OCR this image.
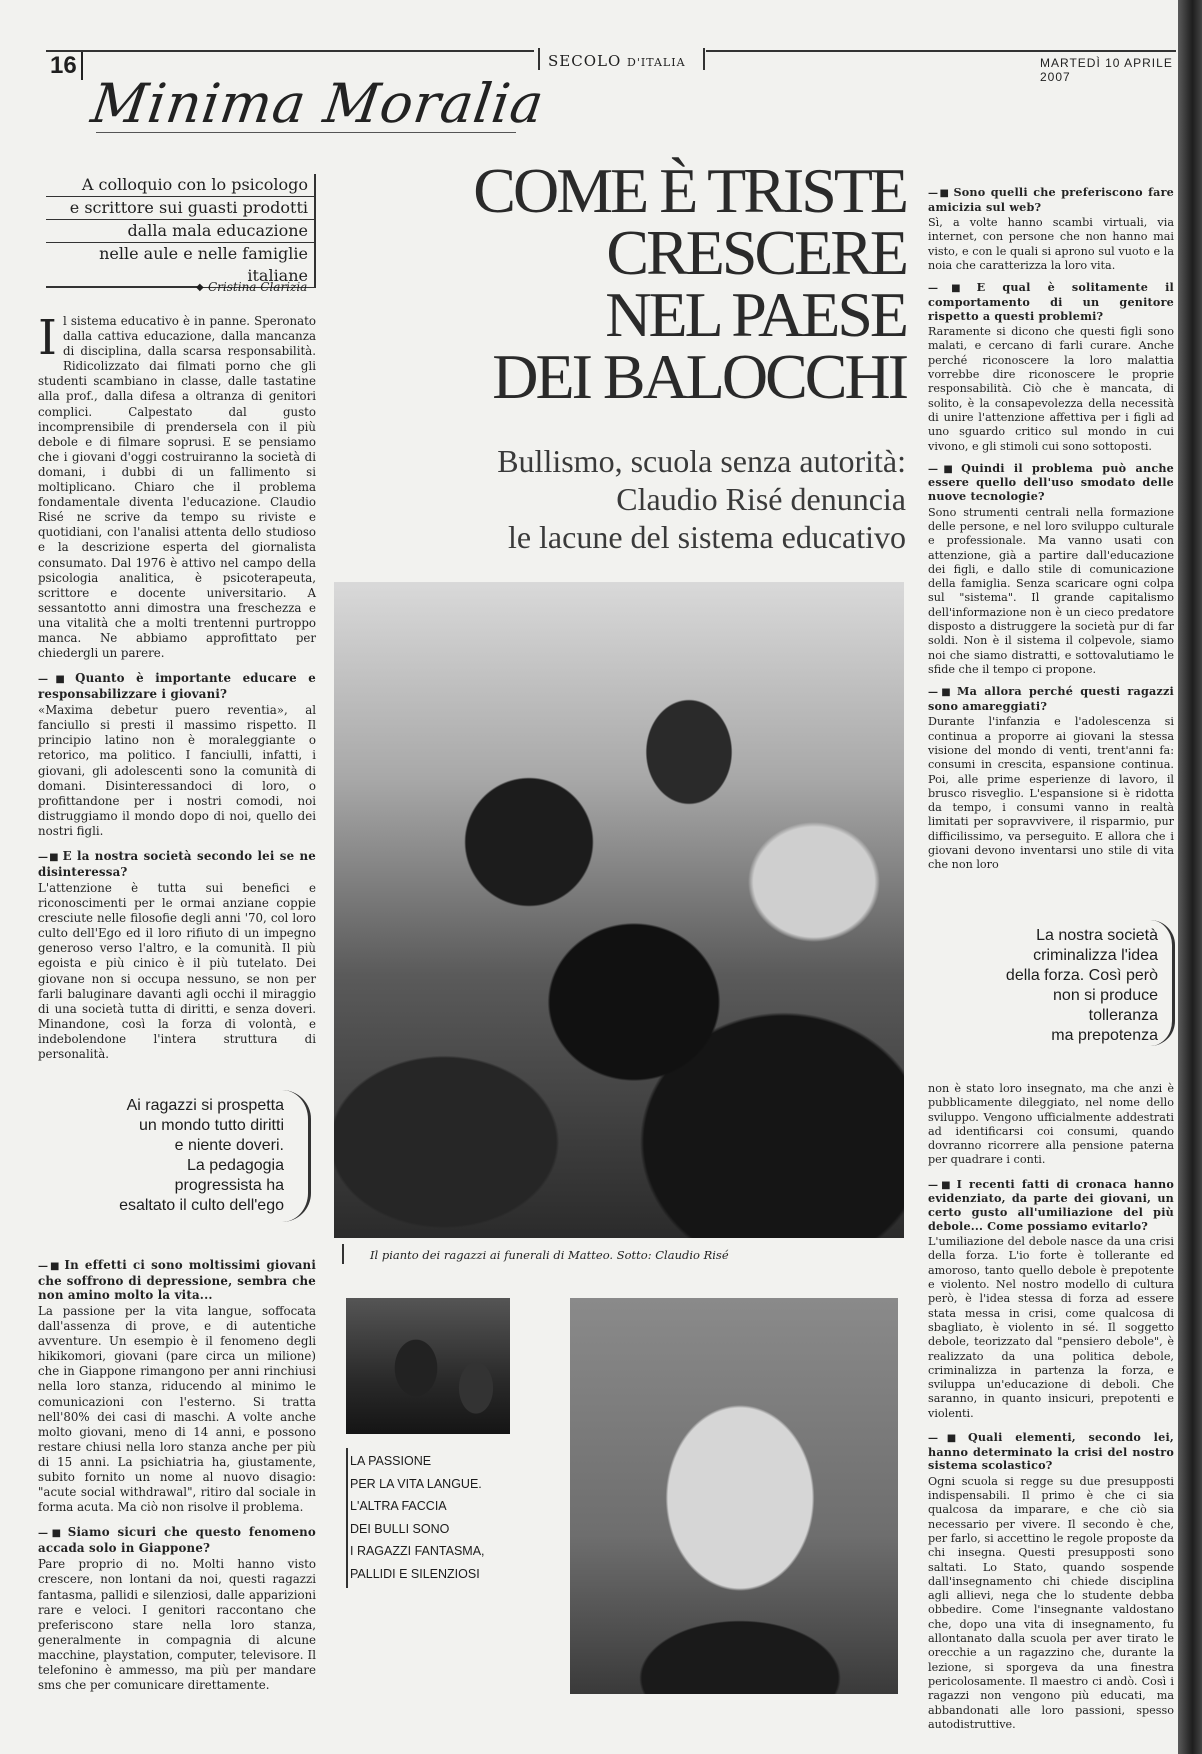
16	SECOLO D'ITALIA	MARTEDÌ 10 APRILE 2007
Minima Moralia
A colloquio con lo psicologo
e scrittore sui guasti prodotti
dalla mala educazione
nelle aule e nelle famiglie italiane
◆ Cristina Clarizia

Il sistema educativo è in panne. Speronato dalla cattiva educazione, dalla mancanza di disciplina, dalla scarsa responsabilità. Ridicolizzato dai filmati porno che gli studenti scambiano in classe, dalle tastatine alla prof., dalla difesa a oltranza di genitori complici. Calpestato dal gusto incomprensibile di prendersela con il più debole e di filmare soprusi. E se pensiamo che i giovani d'oggi costruiranno la società di domani, i dubbi di un fallimento si moltiplicano. Chiaro che il problema fondamentale diventa l'educazione. Claudio Risé ne scrive da tempo su riviste e quotidiani, con l'analisi attenta dello studioso e la descrizione esperta del giornalista consumato. Dal 1976 è attivo nel campo della psicologia analitica, è psicoterapeuta, scrittore e docente universitario. A sessantotto anni dimostra una freschezza e una vitalità che a molti trentenni purtroppo manca. Ne abbiamo approfittato per chiedergli un parere.

—■ Quanto è importante educare e responsabilizzare i giovani?

«Maxima debetur puero reventia», al fanciullo si presti il massimo rispetto. Il principio latino non è moraleggiante o retorico, ma politico. I fanciulli, infatti, i giovani, gli adolescenti sono la comunità di domani. Disinteressandoci di loro, o profittandone per i nostri comodi, noi distruggiamo il mondo dopo di noi, quello dei nostri figli.

—■ E la nostra società secondo lei se ne disinteressa?

L'attenzione è tutta sui benefici e riconoscimenti per le ormai anziane coppie cresciute nelle filosofie degli anni '70, col loro culto dell'Ego ed il loro rifiuto di un impegno generoso verso l'altro, e la comunità. Il più egoista e più cinico è il più tutelato. Dei giovane non si occupa nessuno, se non per farli baluginare davanti agli occhi il miraggio di una società tutta di diritti, e senza doveri. Minandone, così la forza di volontà, e indebolendone l'intera struttura di personalità.

Ai ragazzi si prospetta
un mondo tutto diritti
e niente doveri.
La pedagogia
progressista ha
esaltato il culto dell'ego
—■ In effetti ci sono moltissimi giovani che soffrono di depressione, sembra che non amino molto la vita...

La passione per la vita langue, soffocata dall'assenza di prove, e di autentiche avventure. Un esempio è il fenomeno degli hikikomori, giovani (pare circa un milione) che in Giappone rimangono per anni rinchiusi nella loro stanza, riducendo al minimo le comunicazioni con l'esterno. Si tratta nell'80% dei casi di maschi. A volte anche molto giovani, meno di 14 anni, e possono restare chiusi nella loro stanza anche per più di 15 anni. La psichiatria ha, giustamente, subito fornito un nome al nuovo disagio: "acute social withdrawal", ritiro dal sociale in forma acuta. Ma ciò non risolve il problema.

—■ Siamo sicuri che questo fenomeno accada solo in Giappone?

Pare proprio di no. Molti hanno visto crescere, non lontani da noi, questi ragazzi fantasma, pallidi e silenziosi, dalle apparizioni rare e veloci. I genitori raccontano che preferiscono stare nella loro stanza, generalmente in compagnia di alcune macchine, playstation, computer, televisore. Il telefonino è ammesso, ma più per mandare sms che per comunicare direttamente.

COME È TRISTE
CRESCERE
NEL PAESE
DEI BALOCCHI
Bullismo, scuola senza autorità:
Claudio Risé denuncia
le lacune del sistema educativo
Il pianto dei ragazzi ai funerali di Matteo. Sotto: Claudio Risé
LA PASSIONE
PER LA VITA LANGUE.
L'ALTRA FACCIA
DEI BULLI SONO
I RAGAZZI FANTASMA,
PALLIDI E SILENZIOSI
—■ Sono quelli che preferiscono fare amicizia sul web?

Sì, a volte hanno scambi virtuali, via internet, con persone che non hanno mai visto, e con le quali si aprono sul vuoto e la noia che caratterizza la loro vita.

—■ E qual è solitamente il comportamento di un genitore rispetto a questi problemi?

Raramente si dicono che questi figli sono malati, e cercano di farli curare. Anche perché riconoscere la loro malattia vorrebbe dire riconoscere le proprie responsabilità. Ciò che è mancata, di solito, è la consapevolezza della necessità di unire l'attenzione affettiva per i figli ad uno sguardo critico sul mondo in cui vivono, e gli stimoli cui sono sottoposti.

—■ Quindi il problema può anche essere quello dell'uso smodato delle nuove tecnologie?

Sono strumenti centrali nella formazione delle persone, e nel loro sviluppo culturale e professionale. Ma vanno usati con attenzione, già a partire dall'educazione dei figli, e dallo stile di comunicazione della famiglia. Senza scaricare ogni colpa sul "sistema". Il grande capitalismo dell'informazione non è un cieco predatore disposto a distruggere la società pur di far soldi. Non è il sistema il colpevole, siamo noi che siamo distratti, e sottovalutiamo le sfide che il tempo ci propone.

—■ Ma allora perché questi ragazzi sono amareggiati?

Durante l'infanzia e l'adolescenza si continua a proporre ai giovani la stessa visione del mondo di venti, trent'anni fa: consumi in crescita, espansione continua. Poi, alle prime esperienze di lavoro, il brusco risveglio. L'espansione si è ridotta da tempo, i consumi vanno in realtà limitati per sopravvivere, il risparmio, pur difficilissimo, va perseguito. E allora che i giovani devono inventarsi uno stile di vita che non loro

La nostra società
criminalizza l'idea
della forza. Così però
non si produce
tolleranza
ma prepotenza

non è stato loro insegnato, ma che anzi è pubblicamente dileggiato, nel nome dello sviluppo. Vengono ufficialmente addestrati ad identificarsi coi consumi, quando dovranno ricorrere alla pensione paterna per quadrare i conti.

—■ I recenti fatti di cronaca hanno evidenziato, da parte dei giovani, un certo gusto all'umiliazione del più debole... Come possiamo evitarlo?

L'umiliazione del debole nasce da una crisi della forza. L'io forte è tollerante ed amoroso, tanto quello debole è prepotente e violento. Nel nostro modello di cultura però, è l'idea stessa di forza ad essere stata messa in crisi, come qualcosa di sbagliato, è violento in sé. Il soggetto debole, teorizzato dal "pensiero debole", è realizzato da una politica debole, criminalizza in partenza la forza, e sviluppa un'educazione di deboli. Che saranno, in quanto insicuri, prepotenti e violenti.

—■ Quali elementi, secondo lei, hanno determinato la crisi del nostro sistema scolastico?

Ogni scuola si regge su due presupposti indispensabili. Il primo è che ci sia qualcosa da imparare, e che ciò sia necessario per vivere. Il secondo è che, per farlo, si accettino le regole proposte da chi insegna. Questi presupposti sono saltati. Lo Stato, quando sospende dall'insegnamento chi chiede disciplina agli allievi, nega che lo studente debba obbedire. Come l'insegnante valdostano che, dopo una vita di insegnamento, fu allontanato dalla scuola per aver tirato le orecchie a un ragazzino che, durante la lezione, si sporgeva da una finestra pericolosamente. Il maestro ci andò. Così i ragazzi non vengono più educati, ma abbandonati alle loro passioni, spesso autodistruttive.
